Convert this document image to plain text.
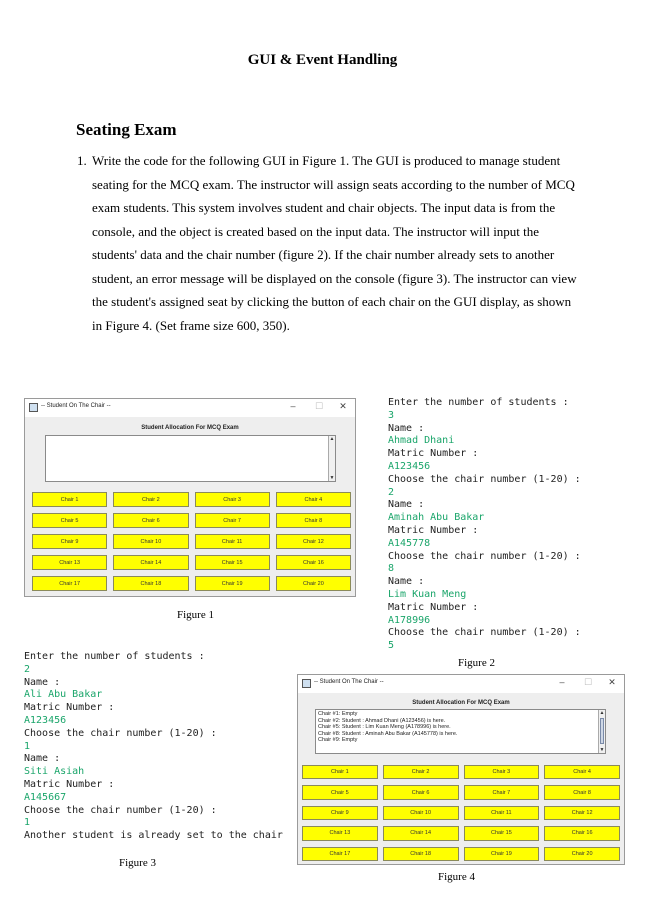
GUI & Event Handling
Seating Exam
1. Write the code for the following GUI in Figure 1. The GUI is produced to manage student
seating for the MCQ exam. The instructor will assign seats according to the number of MCQ
exam students. This system involves student and chair objects. The input data is from the
console, and the object is created based on the input data. The instructor will input the
students' data and the chair number (figure 2). If the chair number already sets to another
student, an error message will be displayed on the console (figure 3). The instructor can view
the student's assigned seat by clicking the button of each chair on the GUI display, as shown
in Figure 4. (Set frame size 600, 350).
-- Student On The Chair --	–	☐ ✕
Student Allocation For MCQ Exam
▲
▼
Chair 1	Chair 2	Chair 3	Chair 4
Chair 5	Chair 6	Chair 7	Chair 8
Chair 9	Chair 10	Chair 11	Chair 12
Chair 13	Chair 14	Chair 15	Chair 16
Chair 17	Chair 18	Chair 19	Chair 20
Figure 1
Enter the number of students :
3
Name :
Ahmad Dhani
Matric Number :
A123456
Choose the chair number (1-20) :
2
Name :
Aminah Abu Bakar
Matric Number :
A145778
Choose the chair number (1-20) :
8
Name :
Lim Kuan Meng
Matric Number :
A178996
Choose the chair number (1-20) :
5
Figure 2
Enter the number of students :
2
Name :
Ali Abu Bakar
Matric Number :
A123456
Choose the chair number (1-20) :
1
Name :
Siti Asiah
Matric Number :
A145667
Choose the chair number (1-20) :
1
Another student is already set to the chair
Figure 3
-- Student On The Chair --	–	☐ ✕
Student Allocation For MCQ Exam
Chair #1: Empty
Chair #2: Student : Ahmad Dhani (A123456) is here.
Chair #5: Student : Lim Kuan Meng (A178996) is here.
Chair #8: Student : Aminah Abu Bakar (A145778) is here.
Chair #9: Empty
▲
▼
Chair 1	Chair 2	Chair 3	Chair 4
Chair 5	Chair 6	Chair 7	Chair 8
Chair 9	Chair 10	Chair 11	Chair 12
Chair 13	Chair 14	Chair 15	Chair 16
Chair 17	Chair 18	Chair 19	Chair 20
Figure 4
